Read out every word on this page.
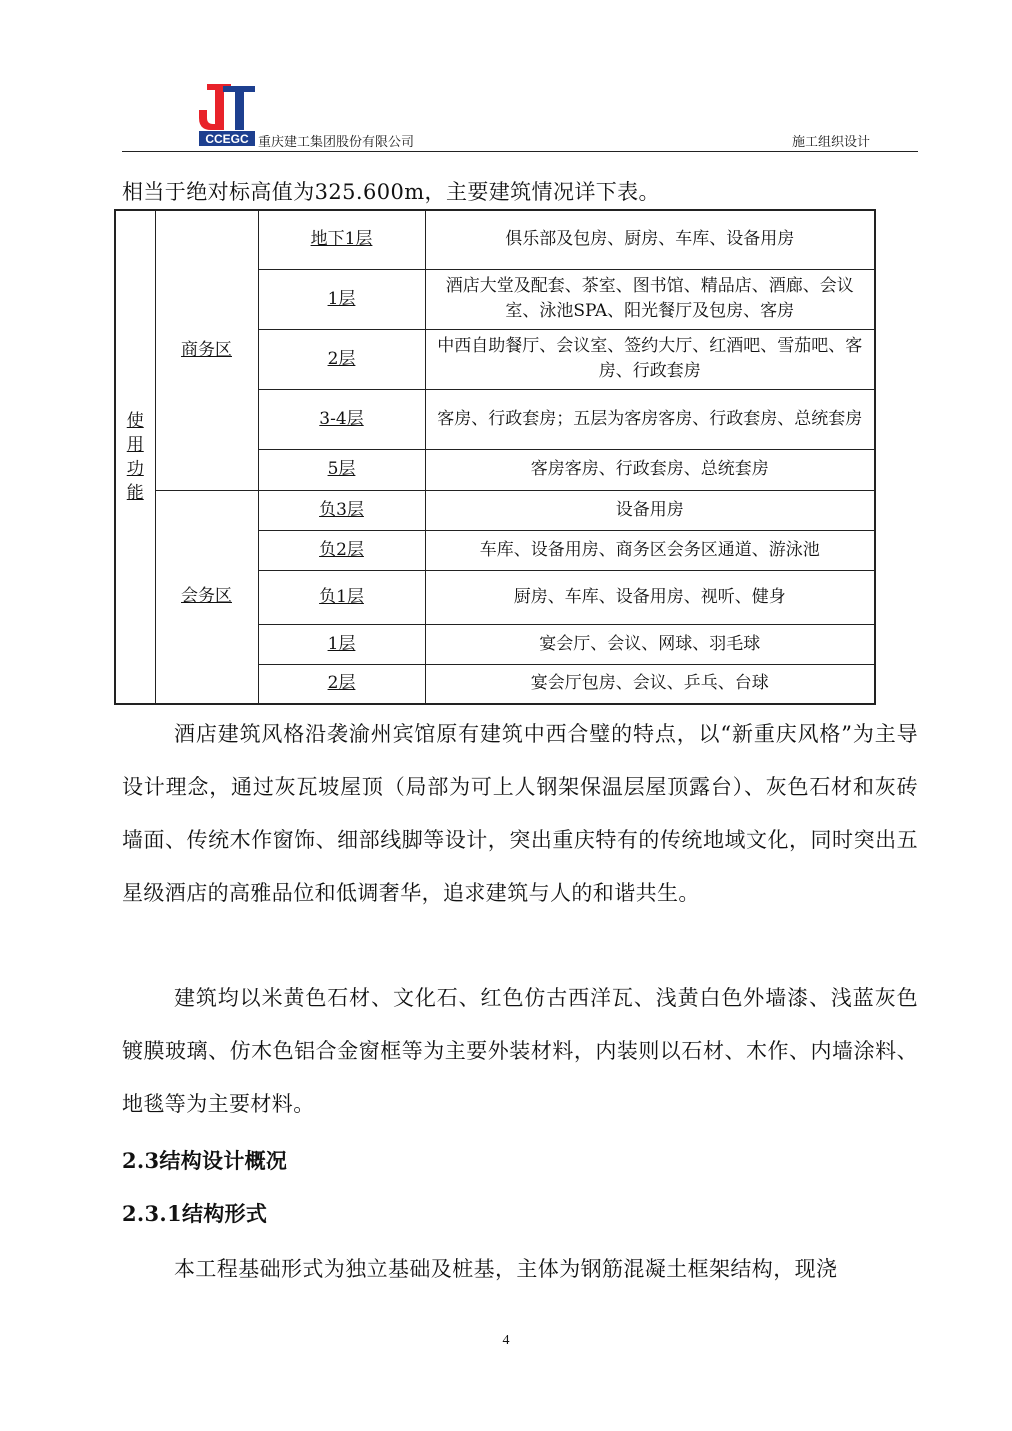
CCEGC 重庆建工集团股份有限公司	施工组织设计
相当于绝对标高值为325.600m，主要建筑情况详下表。
使用功能	商务区	地下1层	俱乐部及包房、厨房、车库、设备用房
		1层	酒店大堂及配套、茶室、图书馆、精品店、酒廊、会议室、泳池SPA、阳光餐厅及包房、客房
		2层	中西自助餐厅、会议室、签约大厅、红酒吧、雪茄吧、客房、行政套房
		3-4层	客房、行政套房；五层为客房客房、行政套房、总统套房
		5层	客房客房、行政套房、总统套房
	会务区	负3层	设备用房
		负2层	车库、设备用房、商务区会务区通道、游泳池
		负1层	厨房、车库、设备用房、视听、健身
		1层	宴会厅、会议、网球、羽毛球
		2层	宴会厅包房、会议、乒乓、台球
酒店建筑风格沿袭渝州宾馆原有建筑中西合璧的特点，以“新重庆风格”为主导设计理念，通过灰瓦坡屋顶（局部为可上人钢架保温层屋顶露台）、灰色石材和灰砖墙面、传统木作窗饰、细部线脚等设计，突出重庆特有的传统地域文化，同时突出五星级酒店的高雅品位和低调奢华，追求建筑与人的和谐共生。
建筑均以米黄色石材、文化石、红色仿古西洋瓦、浅黄白色外墙漆、浅蓝灰色镀膜玻璃、仿木色铝合金窗框等为主要外装材料，内装则以石材、木作、内墙涂料、地毯等为主要材料。
2.3结构设计概况
2.3.1结构形式
本工程基础形式为独立基础及桩基，主体为钢筋混凝土框架结构，现浇
4
